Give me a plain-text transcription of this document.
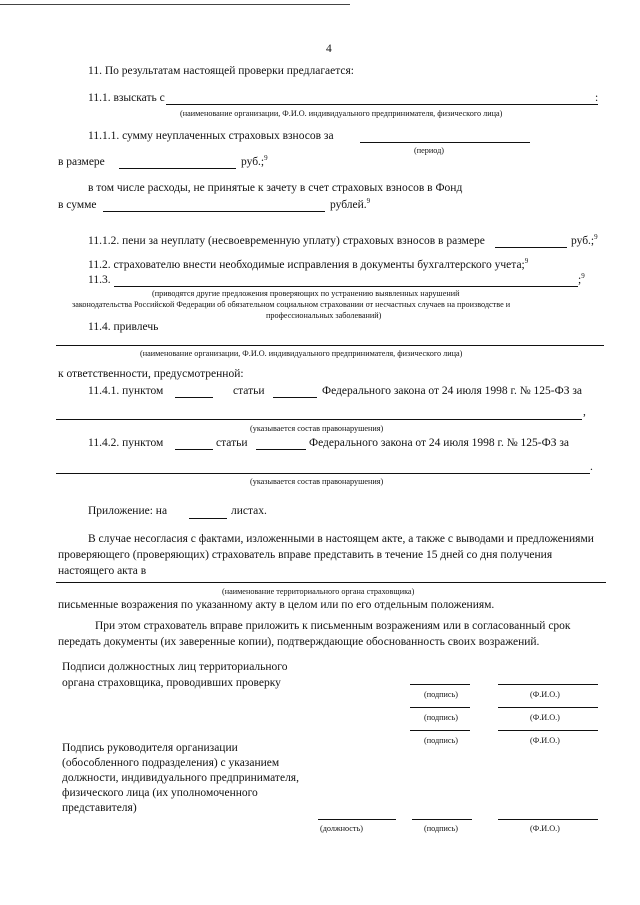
4
11. По результатам настоящей проверки предлагается:
11.1. взыскать с	:
(наименование организации, Ф.И.О. индивидуального предпринимателя, физического лица)
11.1.1. сумму неуплаченных страховых взносов за
(период)
в размере	руб.;$^9$
в том числе расходы, не принятые к зачету в счет страховых взносов в Фонд
в сумме	рублей.$^9$
11.1.2. пени за неуплату (несвоевременную уплату) страховых взносов в размере	руб.;$^9$
11.2. страхователю внести необходимые исправления в документы бухгалтерского учета;$^9$
11.3.	;$^9$
(приводятся другие предложения проверяющих по устранению выявленных нарушений
законодательства Российской Федерации об обязательном социальном страховании от несчастных случаев на производстве и
профессиональных заболеваний)
11.4. привлечь
(наименование организации, Ф.И.О. индивидуального предпринимателя, физического лица)
к ответственности, предусмотренной:
11.4.1. пунктом	статьи	Федерального закона от 24 июля 1998 г. № 125-ФЗ за
,
(указывается состав правонарушения)
11.4.2. пунктом	статьи	Федерального закона от 24 июля 1998 г. № 125-ФЗ за
.
(указывается состав правонарушения)
Приложение: на	листах.
В случае несогласия с фактами, изложенными в настоящем акте, а также с выводами и предложениями
проверяющего (проверяющих) страхователь вправе представить в течение 15 дней со дня получения
настоящего акта в
(наименование территориального органа страховщика)
письменные возражения по указанному акту в целом или по его отдельным положениям.
При этом страхователь вправе приложить к письменным возражениям или в согласованный срок
передать документы (их заверенные копии), подтверждающие обоснованность своих возражений.
Подписи должностных лиц территориального
органа страховщика, проводивших проверку
(подпись)	(Ф.И.О.)
(подпись)	(Ф.И.О.)
(подпись)	(Ф.И.О.)
Подпись руководителя организации
(обособленного подразделения) с указанием
должности, индивидуального предпринимателя,
физического лица (их уполномоченного
представителя)
(должность)	(подпись)	(Ф.И.О.)
